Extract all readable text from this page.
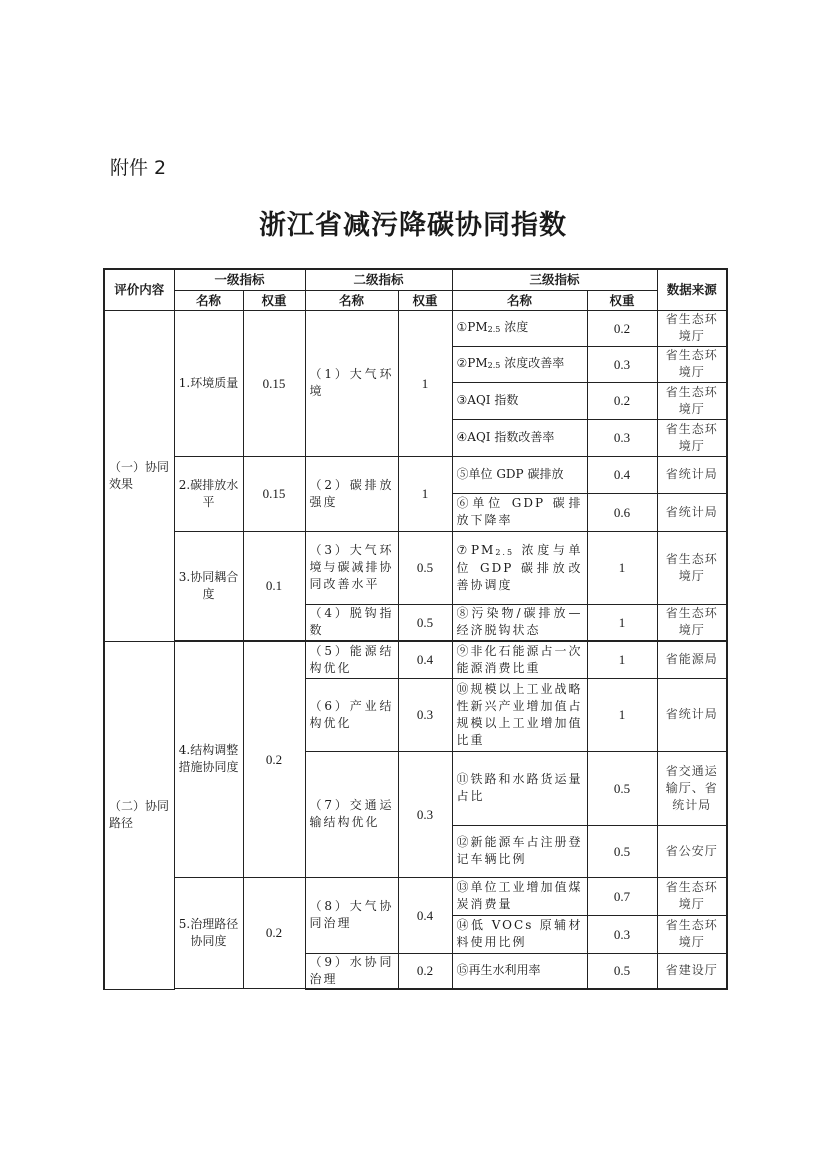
附件 2
浙江省减污降碳协同指数
评价内容	一级指标		二级指标		三级指标		数据来源
	名称	权重	名称	权重	名称	权重	
（一）协同效果	1.环境质量	0.15	（1）大气环境	1	$①PM_{2.5}$ 浓度	0.2	省生态环境厅
					$②PM_{2.5}$ 浓度改善率	0.3	省生态环境厅
					③AQI 指数	0.2	省生态环境厅
					④AQI 指数改善率	0.3	省生态环境厅
	2.碳排放水平	0.15	（2）碳排放强度	1	⑤单位 GDP 碳排放	0.4	省统计局
					⑥单位 GDP 碳排放下降率	0.6	省统计局
	3.协同耦合度	0.1	（3）大气环境与碳减排协同改善水平	0.5	$⑦PM_{2.5}$ 浓度与单位 GDP 碳排放改善协调度	1	省生态环境厅
			（4）脱钩指数	0.5	⑧污染物/碳排放—经济脱钩状态	1	省生态环境厅

（二）协同路径	4.结构调整措施协同度	0.2	（5）能源结构优化	0.4	⑨非化石能源占一次能源消费比重	1	省能源局
			（6）产业结构优化	0.3	⑩规模以上工业战略性新兴产业增加值占规模以上工业增加值比重	1	省统计局
			（7）交通运输结构优化	0.3	⑪铁路和水路货运量占比	0.5	省交通运输厅、省统计局
					⑫新能源车占注册登记车辆比例	0.5	省公安厅
	5.治理路径协同度	0.2	（8）大气协同治理	0.4	⑬单位工业增加值煤炭消费量	0.7	省生态环境厅
					⑭低 VOCs 原辅材料使用比例	0.3	省生态环境厅
			（9）水协同治理	0.2	⑮再生水利用率	0.5	省建设厅
